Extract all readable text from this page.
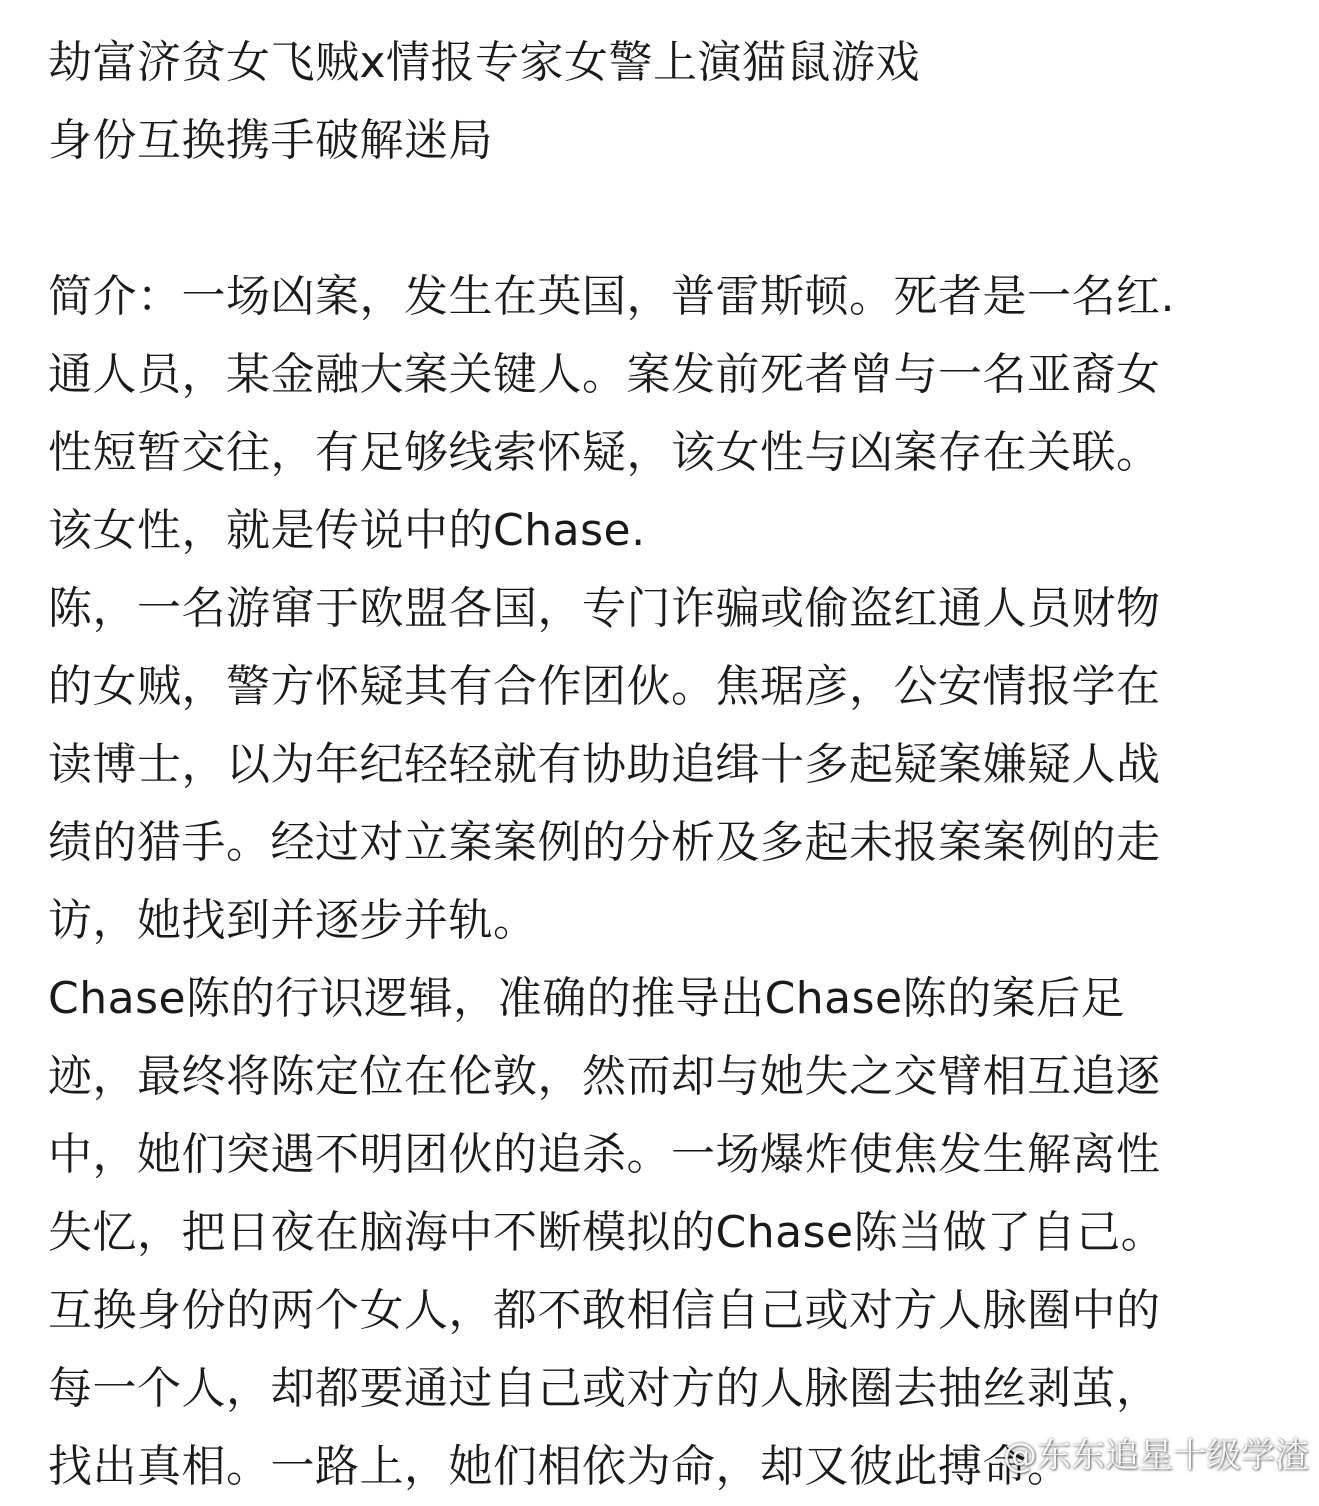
劫富济贫女飞贼x情报专家女警上演猫鼠游戏
身份互换携手破解迷局
简介：一场凶案，发生在英国，普雷斯顿。死者是一名红.
通人员，某金融大案关键人。案发前死者曾与一名亚裔女
性短暂交往，有足够线索怀疑，该女性与凶案存在关联。
该女性，就是传说中的Chase.
陈，一名游窜于欧盟各国，专门诈骗或偷盗红通人员财物
的女贼，警方怀疑其有合作团伙。焦琚彦，公安情报学在
读博士，以为年纪轻轻就有协助追缉十多起疑案嫌疑人战
绩的猎手。经过对立案案例的分析及多起未报案案例的走
访，她找到并逐步并轨。
Chase陈的行识逻辑，准确的推导出Chase陈的案后足
迹，最终将陈定位在伦敦，然而却与她失之交臂相互追逐
中，她们突遇不明团伙的追杀。一场爆炸使焦发生解离性
失忆，把日夜在脑海中不断模拟的Chase陈当做了自己。
互换身份的两个女人，都不敢相信自己或对方人脉圈中的
每一个人，却都要通过自己或对方的人脉圈去抽丝剥茧，
找出真相。一路上，她们相依为命，却又彼此搏命。
@东东追星十级学渣
